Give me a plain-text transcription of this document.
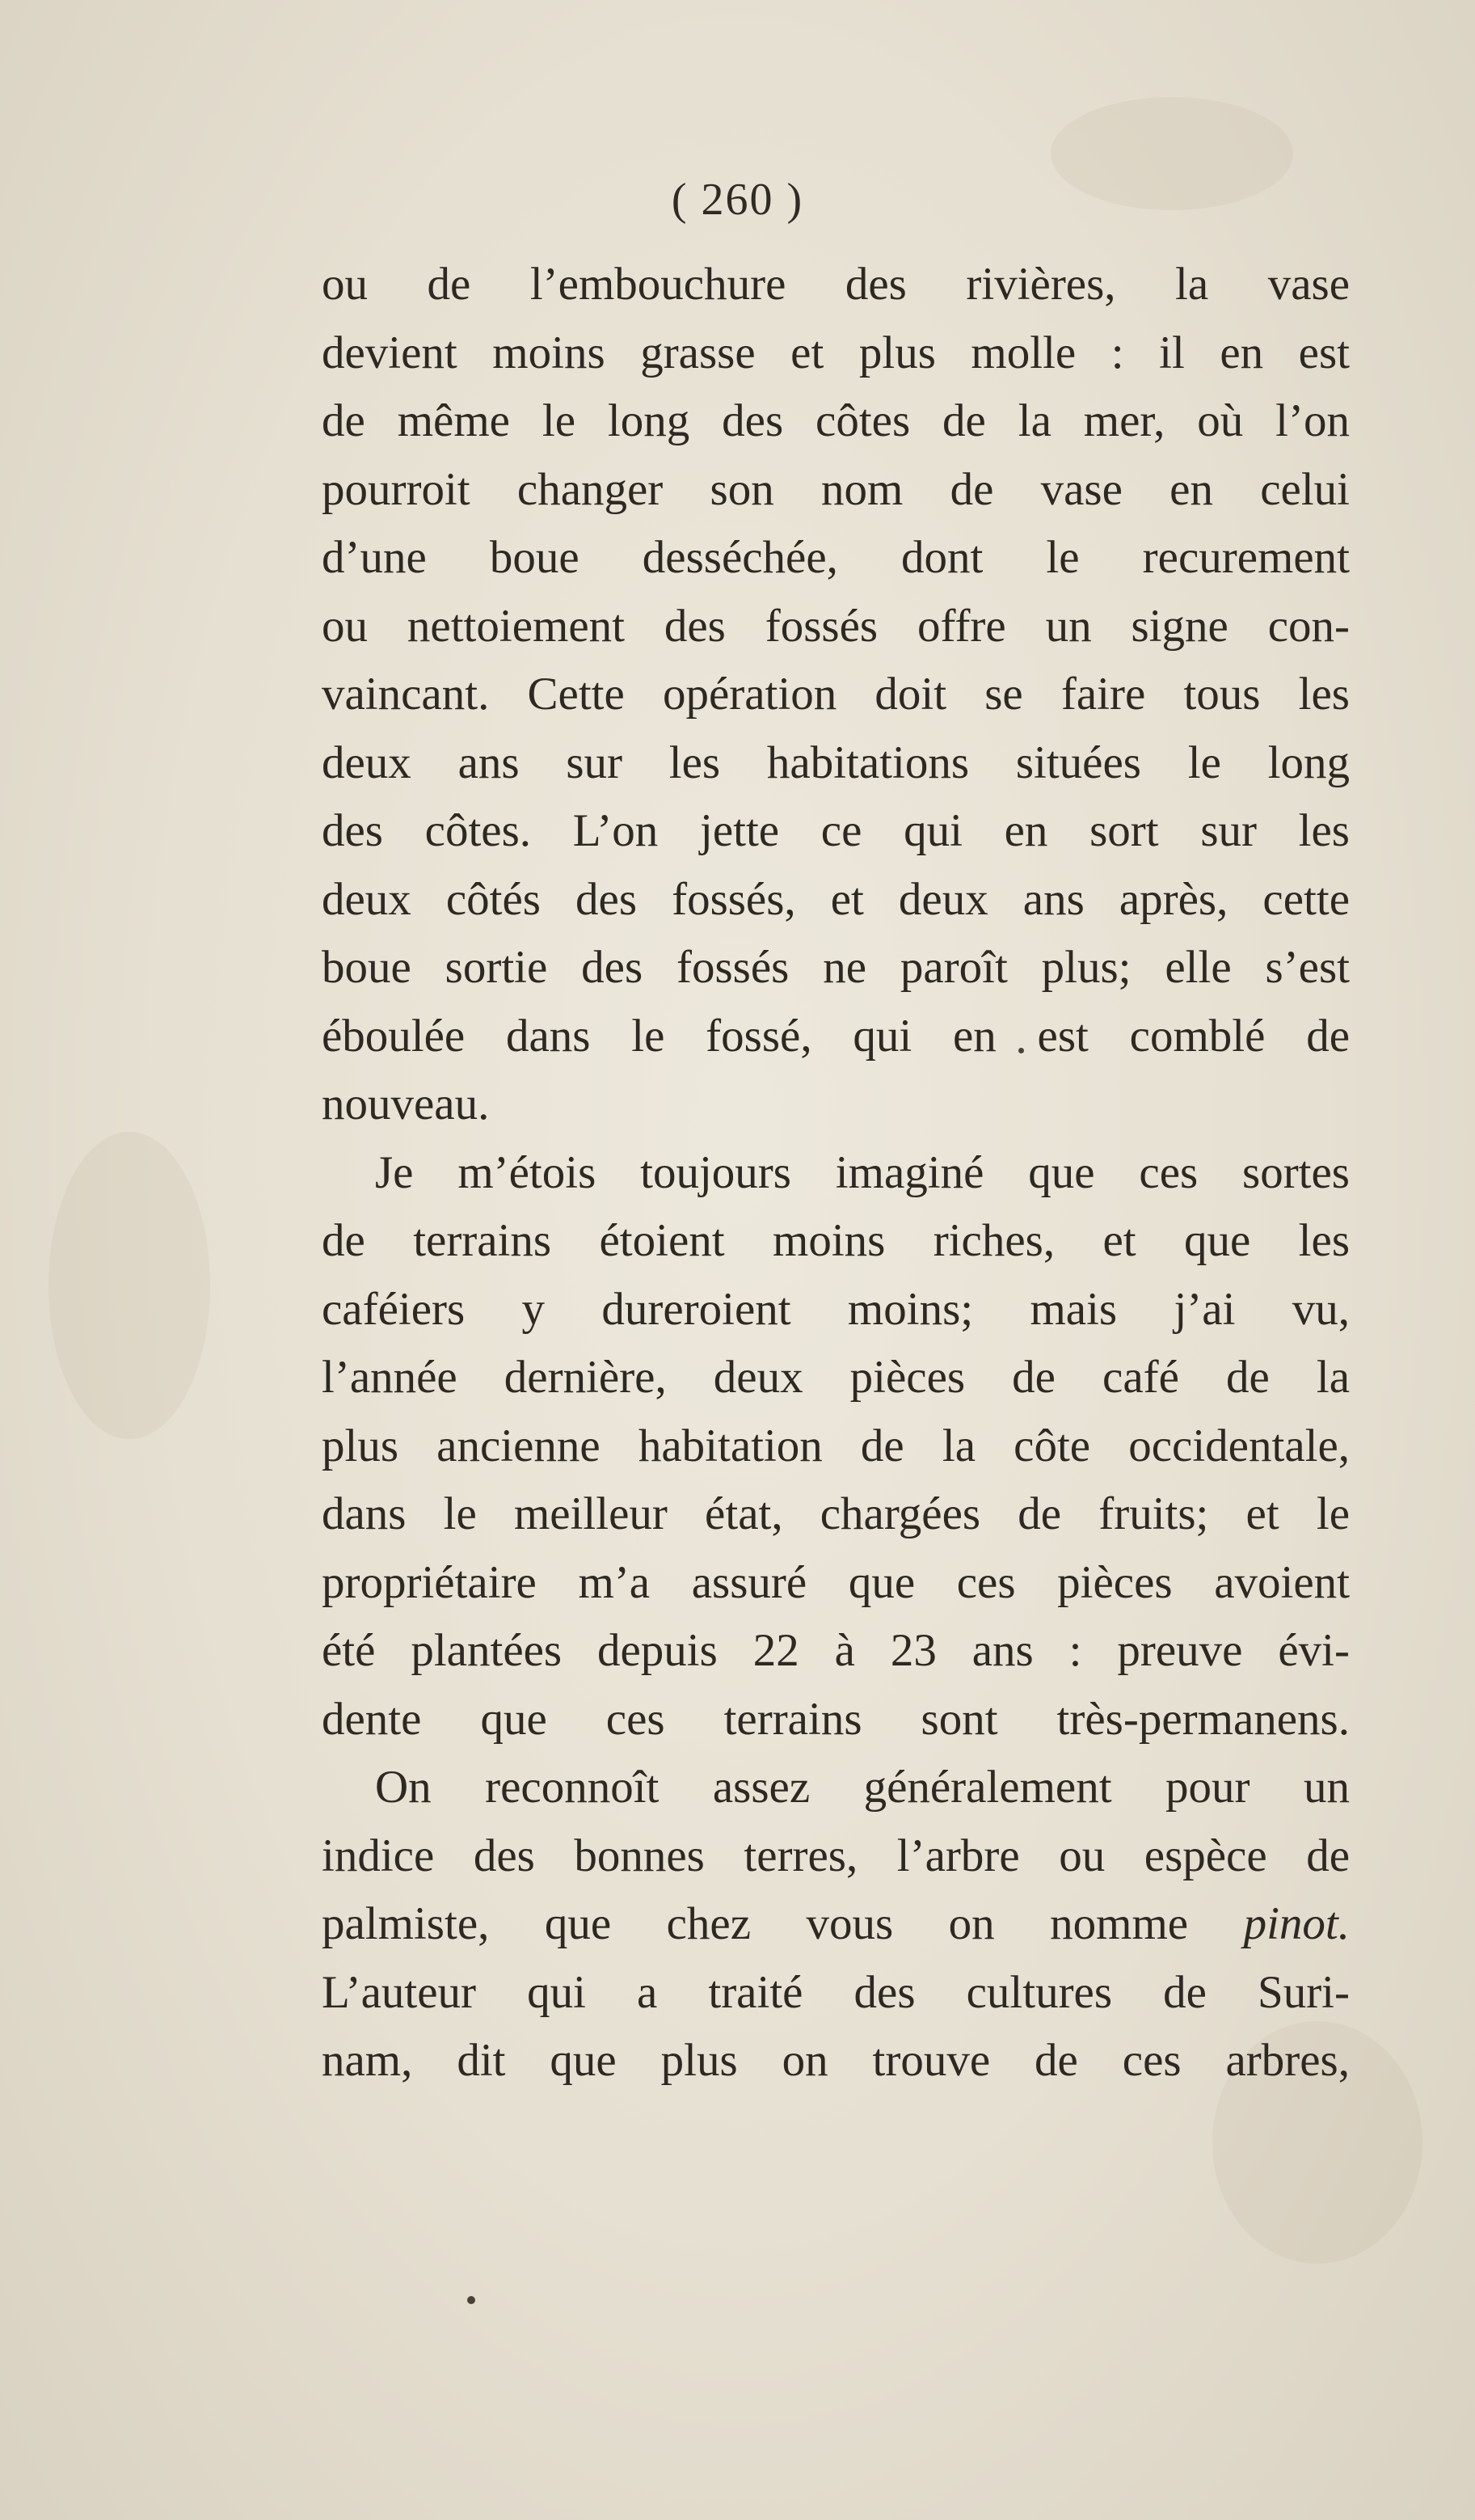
( 260 )
ou de l’embouchure des rivières, la vase
devient moins grasse et plus molle : il en est
de même le long des côtes de la mer, où l’on
pourroit changer son nom de vase en celui
d’une boue desséchée, dont le recurement
ou nettoiement des fossés offre un signe con-
vaincant. Cette opération doit se faire tous les
deux ans sur les habitations situées le long
des côtes. L’on jette ce qui en sort sur les
deux côtés des fossés, et deux ans après, cette
boue sortie des fossés ne paroît plus; elle s’est
éboulée dans le fossé, qui en est comblé de
nouveau.
Je m’étois toujours imaginé que ces sortes
de terrains étoient moins riches, et que les
caféiers y dureroient moins; mais j’ai vu,
l’année dernière, deux pièces de café de la
plus ancienne habitation de la côte occidentale,
dans le meilleur état, chargées de fruits; et le
propriétaire m’a assuré que ces pièces avoient
été plantées depuis 22 à 23 ans : preuve évi-
dente que ces terrains sont très-permanens.
On reconnoît assez généralement pour un
indice des bonnes terres, l’arbre ou espèce de
palmiste, que chez vous on nomme pinot.
L’auteur qui a traité des cultures de Suri-
nam, dit que plus on trouve de ces arbres,
